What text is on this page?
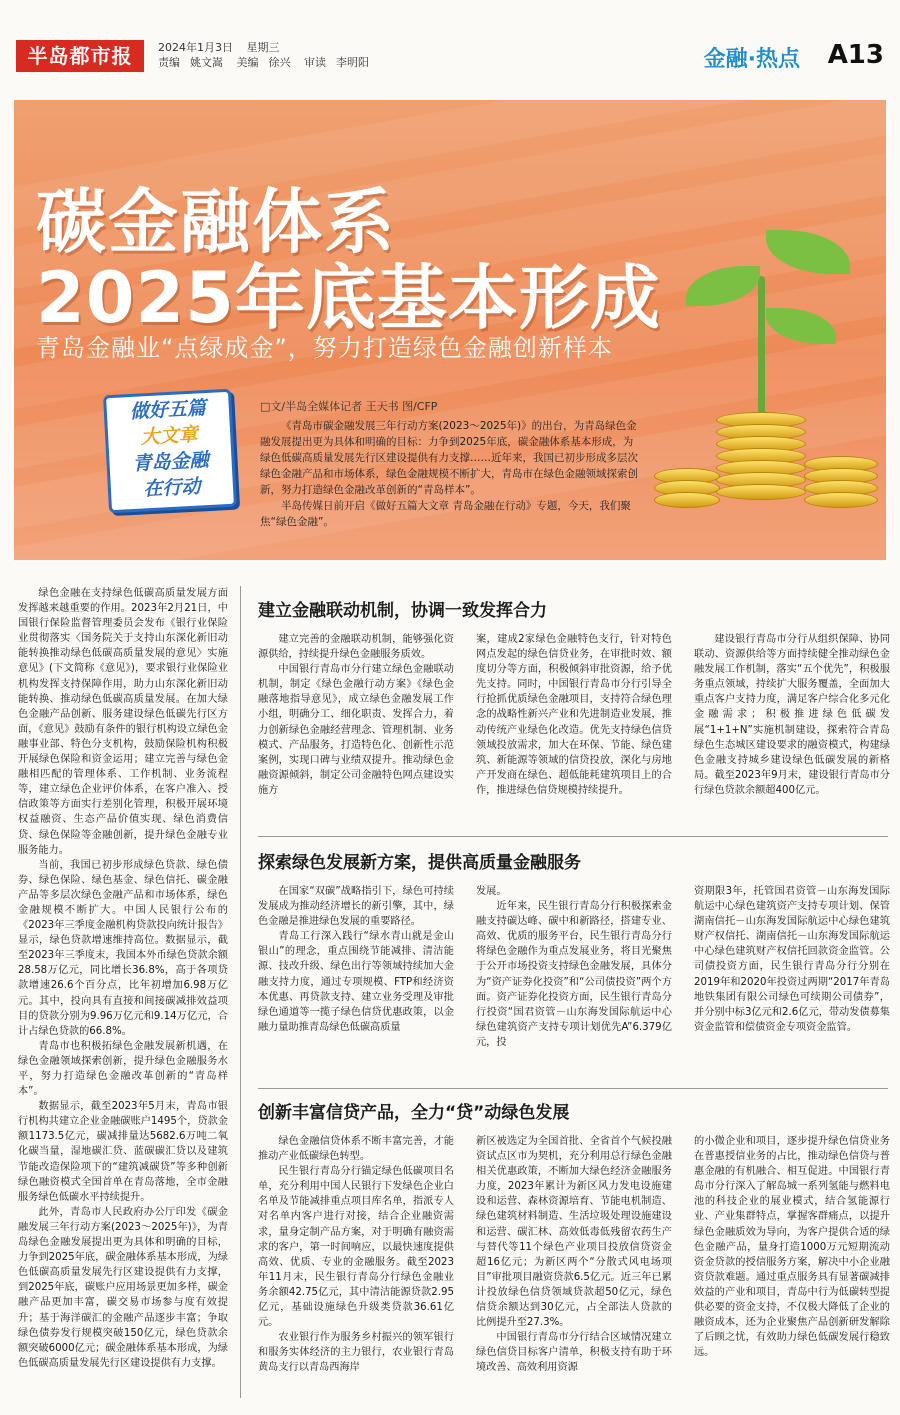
半岛都市报	2024年1月3日 星期三
责编 姚文嵩 美编 徐兴 审读 李明阳	金融·热点 A13
碳金融体系
2025年底基本形成
青岛金融业“点绿成金”，努力打造绿色金融创新样本
做好五篇
大文章
青岛金融
在行动
□文/半岛全媒体记者 王天书 图/CFP

《青岛市碳金融发展三年行动方案(2023～2025年)》的出台，为青岛绿色金融发展提出更为具体和明确的目标：力争到2025年底，碳金融体系基本形成，为绿色低碳高质量发展先行区建设提供有力支撑……近年来，我国已初步形成多层次绿色金融产品和市场体系，绿色金融规模不断扩大，青岛市在绿色金融领域探索创新，努力打造绿色金融改革创新的“青岛样本”。

半岛传媒日前开启《做好五篇大文章 青岛金融在行动》专题，今天，我们聚焦“绿色金融”。

绿色金融在支持绿色低碳高质量发展方面发挥越来越重要的作用。2023年2月21日，中国银行保险监督管理委员会发布《银行业保险业贯彻落实〈国务院关于支持山东深化新旧动能转换推动绿色低碳高质量发展的意见〉实施意见》(下文简称《意见》)，要求银行业保险业机构发挥支持保障作用，助力山东深化新旧动能转换、推动绿色低碳高质量发展。在加大绿色金融产品创新、服务建设绿色低碳先行区方面，《意见》鼓励有条件的银行机构设立绿色金融事业部、特色分支机构，鼓励保险机构积极开展绿色保险和资金运用；建立完善与绿色金融相匹配的管理体系、工作机制、业务流程等，建立绿色企业评价体系，在客户准入、授信政策等方面实行差别化管理，积极开展环境权益融资、生态产品价值实现、绿色消费信贷、绿色保险等金融创新，提升绿色金融专业服务能力。

当前，我国已初步形成绿色贷款、绿色债券、绿色保险、绿色基金、绿色信托、碳金融产品等多层次绿色金融产品和市场体系，绿色金融规模不断扩大。中国人民银行公布的《2023年三季度金融机构贷款投向统计报告》显示，绿色贷款增速维持高位。数据显示，截至2023年三季度末，我国本外币绿色贷款余额28.58万亿元，同比增长36.8%，高于各项贷款增速26.6个百分点，比年初增加6.98万亿元。其中，投向具有直接和间接碳减排效益项目的贷款分别为9.96万亿元和9.14万亿元，合计占绿色贷款的66.8%。

青岛市也积极拓绿色金融发展新机遇，在绿色金融领域探索创新，提升绿色金融服务水平，努力打造绿色金融改革创新的“青岛样本”。

数据显示，截至2023年5月末，青岛市银行机构共建立企业金融碳账户1495个，贷款金额1173.5亿元，碳减排量达5682.6万吨二氧化碳当量，湿地碳汇贷、蓝碳碳汇贷以及建筑节能改造保险项下的“建筑减碳贷”等多种创新绿色融资模式全国首单在青岛落地，全市金融服务绿色低碳水平持续提升。

此外，青岛市人民政府办公厅印发《碳金融发展三年行动方案(2023～2025年)》，为青岛绿色金融发展提出更为具体和明确的目标，力争到2025年底，碳金融体系基本形成，为绿色低碳高质量发展先行区建设提供有力支撑，到2025年底，碳账户应用场景更加多样，碳金融产品更加丰富，碳交易市场参与度有效提升；基于海洋碳汇的金融产品逐步丰富；争取绿色债券发行规模突破150亿元，绿色贷款余额突破6000亿元；碳金融体系基本形成，为绿色低碳高质量发展先行区建设提供有力支撑。

建立金融联动机制，协调一致发挥合力

建立完善的金融联动机制，能够强化资源供给，持续提升绿色金融服务质效。

中国银行青岛市分行建立绿色金融联动机制，制定《绿色金融行动方案》《绿色金融落地指导意见》，成立绿色金融发展工作小组，明确分工、细化职责、发挥合力，着力创新绿色金融经营理念、管理机制、业务模式、产品服务，打造特色化、创新性示范案例，实现口碑与业绩双提升。推动绿色金融资源倾斜，制定公司金融特色网点建设实施方

案，建成2家绿色金融特色支行，针对特色网点发起的绿色信贷业务，在审批时效、额度切分等方面，积极倾斜审批资源，给予优先支持。同时，中国银行青岛市分行引导全行抢抓优质绿色金融项目，支持符合绿色理念的战略性新兴产业和先进制造业发展，推动传统产业绿色化改造。优先支持绿色信贷领域投放需求，加大在环保、节能、绿色建筑、新能源等领域的信贷投放，深化与房地产开发商在绿色、超低能耗建筑项目上的合作，推进绿色信贷规模持续提升。

建设银行青岛市分行从组织保障、协同联动、资源供给等方面持续健全推动绿色金融发展工作机制，落实“五个优先”，积极服务重点领域，持续扩大服务覆盖，全面加大重点客户支持力度，满足客户综合化多元化金融需求；积极推进绿色低碳发展“1+1+N”实施机制建设，探索符合青岛绿色生态城区建设要求的融资模式，构建绿色金融支持城乡建设绿色低碳发展的新格局。截至2023年9月末，建设银行青岛市分行绿色贷款余额超400亿元。

探索绿色发展新方案，提供高质量金融服务

在国家“双碳”战略指引下，绿色可持续发展成为推动经济增长的新引擎，其中，绿色金融是推进绿色发展的重要路径。

青岛工行深入践行“绿水青山就是金山银山”的理念，重点围绕节能减排、清洁能源、技改升级、绿色出行等领域持续加大金融支持力度，通过专项规模、FTP和经济资本优惠、再贷款支持、建立业务受理及审批绿色通道等一揽子绿色信贷优惠政策，以金融力量助推青岛绿色低碳高质量

发展。

近年来，民生银行青岛分行积极探索金融支持碳达峰、碳中和新路径，搭建专业、高效、优质的服务平台，民生银行青岛分行将绿色金融作为重点发展业务，将目光聚焦于公开市场投资支持绿色金融发展，具体分为“资产证券化投资”和“公司债投资”两个方面。资产证券化投资方面，民生银行青岛分行投资“国君资管－山东海发国际航运中心绿色建筑资产支持专项计划优先A”6.379亿元，投

资期限3年，托管国君资管－山东海发国际航运中心绿色建筑资产支持专项计划、保管湖南信托－山东海发国际航运中心绿色建筑财产权信托、湖南信托－山东海发国际航运中心绿色建筑财产权信托回款资金监管。公司债投资方面，民生银行青岛分行分别在2019年和2020年投资过两期“2017年青岛地铁集团有限公司绿色可续期公司债券”，并分别中标3亿元和2.6亿元，带动发债募集资金监管和偿债资金专项资金监管。

创新丰富信贷产品，全力“贷”动绿色发展

绿色金融信贷体系不断丰富完善，才能推动产业低碳绿色转型。

民生银行青岛分行锚定绿色低碳项目名单，充分利用中国人民银行下发绿色企业白名单及节能减排重点项目库名单，指派专人对名单内客户进行对接，结合企业融资需求，量身定制产品方案，对于明确有融资需求的客户，第一时间响应，以最快速度提供高效、优质、专业的金融服务。截至2023年11月末，民生银行青岛分行绿色金融业务余额42.75亿元，其中清洁能源贷款2.95亿元，基础设施绿色升级类贷款36.61亿元。

农业银行作为服务乡村振兴的领军银行和服务实体经济的主力银行，农业银行青岛黄岛支行以青岛西海岸

新区被选定为全国首批、全省首个气候投融资试点区市为契机，充分利用总行绿色金融相关优惠政策，不断加大绿色经济金融服务力度，2023年累计为新区风力发电设施建设和运营、森林资源培育、节能电机制造、绿色建筑材料制造、生活垃圾处理设施建设和运营、碳汇林、高效低毒低残留农药生产与替代等11个绿色产业项目投放信贷资金超16亿元；为新区两个“分散式风电场项目”审批项目融资贷款6.5亿元。近三年已累计投放绿色信贷领域贷款超50亿元，绿色信贷余额达到30亿元，占全部法人贷款的比例提升至27.3%。

中国银行青岛市分行结合区域情况建立绿色信贷目标客户清单，积极支持有助于环境改善、高效利用资源

的小微企业和项目，逐步提升绿色信贷业务在普惠授信业务的占比，推动绿色信贷与普惠金融的有机融合、相互促进。中国银行青岛市分行深入了解岛城一系列氢能与燃料电池的科技企业的展业模式，结合氢能源行业、产业集群特点，掌握客群痛点，以提升绿色金融质效为导向，为客户提供合适的绿色金融产品，量身打造1000万元短期流动资金贷款的授信服务方案，解决中小企业融资贷款难题。通过重点服务具有显著碳减排效益的产业和项目，青岛中行为低碳转型提供必要的资金支持，不仅极大降低了企业的融资成本，还为企业聚焦产品创新研发解除了后顾之忧，有效助力绿色低碳发展行稳致远。
